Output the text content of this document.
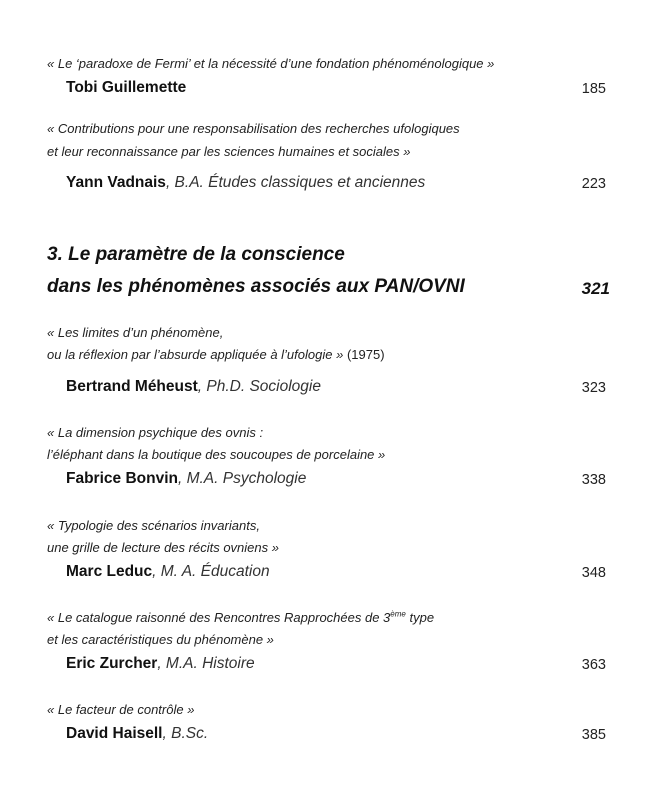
« Le ‘paradoxe de Fermi’ et la nécessité d’une fondation phénoménologique »
Tobi Guillemette	185
« Contributions pour une responsabilisation des recherches ufologiques
et leur reconnaissance par les sciences humaines et sociales »
Yann Vadnais, B.A. Études classiques et anciennes	223
3. Le paramètre de la conscience
dans les phénomènes associés aux PAN/OVNI	321
« Les limites d’un phénomène,
ou la réflexion par l’absurde appliquée à l’ufologie » (1975)
Bertrand Méheust, Ph.D. Sociologie	323
« La dimension psychique des ovnis :
l’éléphant dans la boutique des soucoupes de porcelaine »
Fabrice Bonvin, M.A. Psychologie	338
« Typologie des scénarios invariants,
une grille de lecture des récits ovniens »
Marc Leduc, M. A. Éducation	348
« Le catalogue raisonné des Rencontres Rapprochées de 3ème type
et les caractéristiques du phénomène »
Eric Zurcher, M.A. Histoire	363
« Le facteur de contrôle »
David Haisell, B.Sc.	385
